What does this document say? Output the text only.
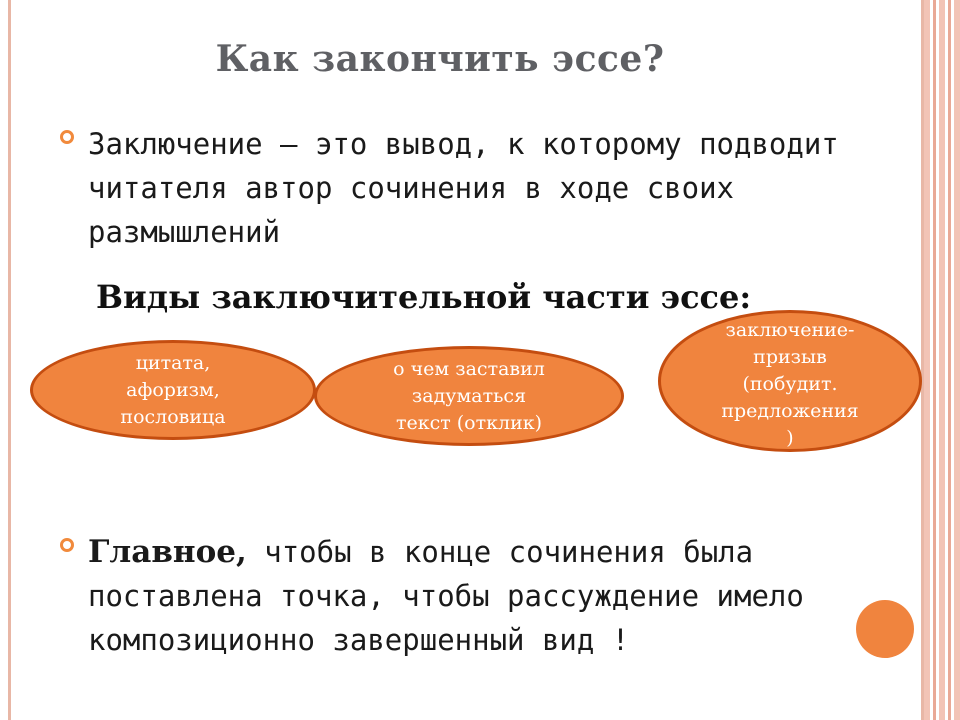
Как закончить эссе?
Заключение – это вывод, к которому подводит читателя автор сочинения в ходе своих размышлений
Виды заключительной части эссе:
цитата,
афоризм,
пословица
о чем заставил
задуматься
текст (отклик)
заключение-
призыв
(побудит.
предложения
)
Главное, чтобы в конце сочинения была поставлена точка, чтобы рассуждение имело композиционно завершенный вид !
